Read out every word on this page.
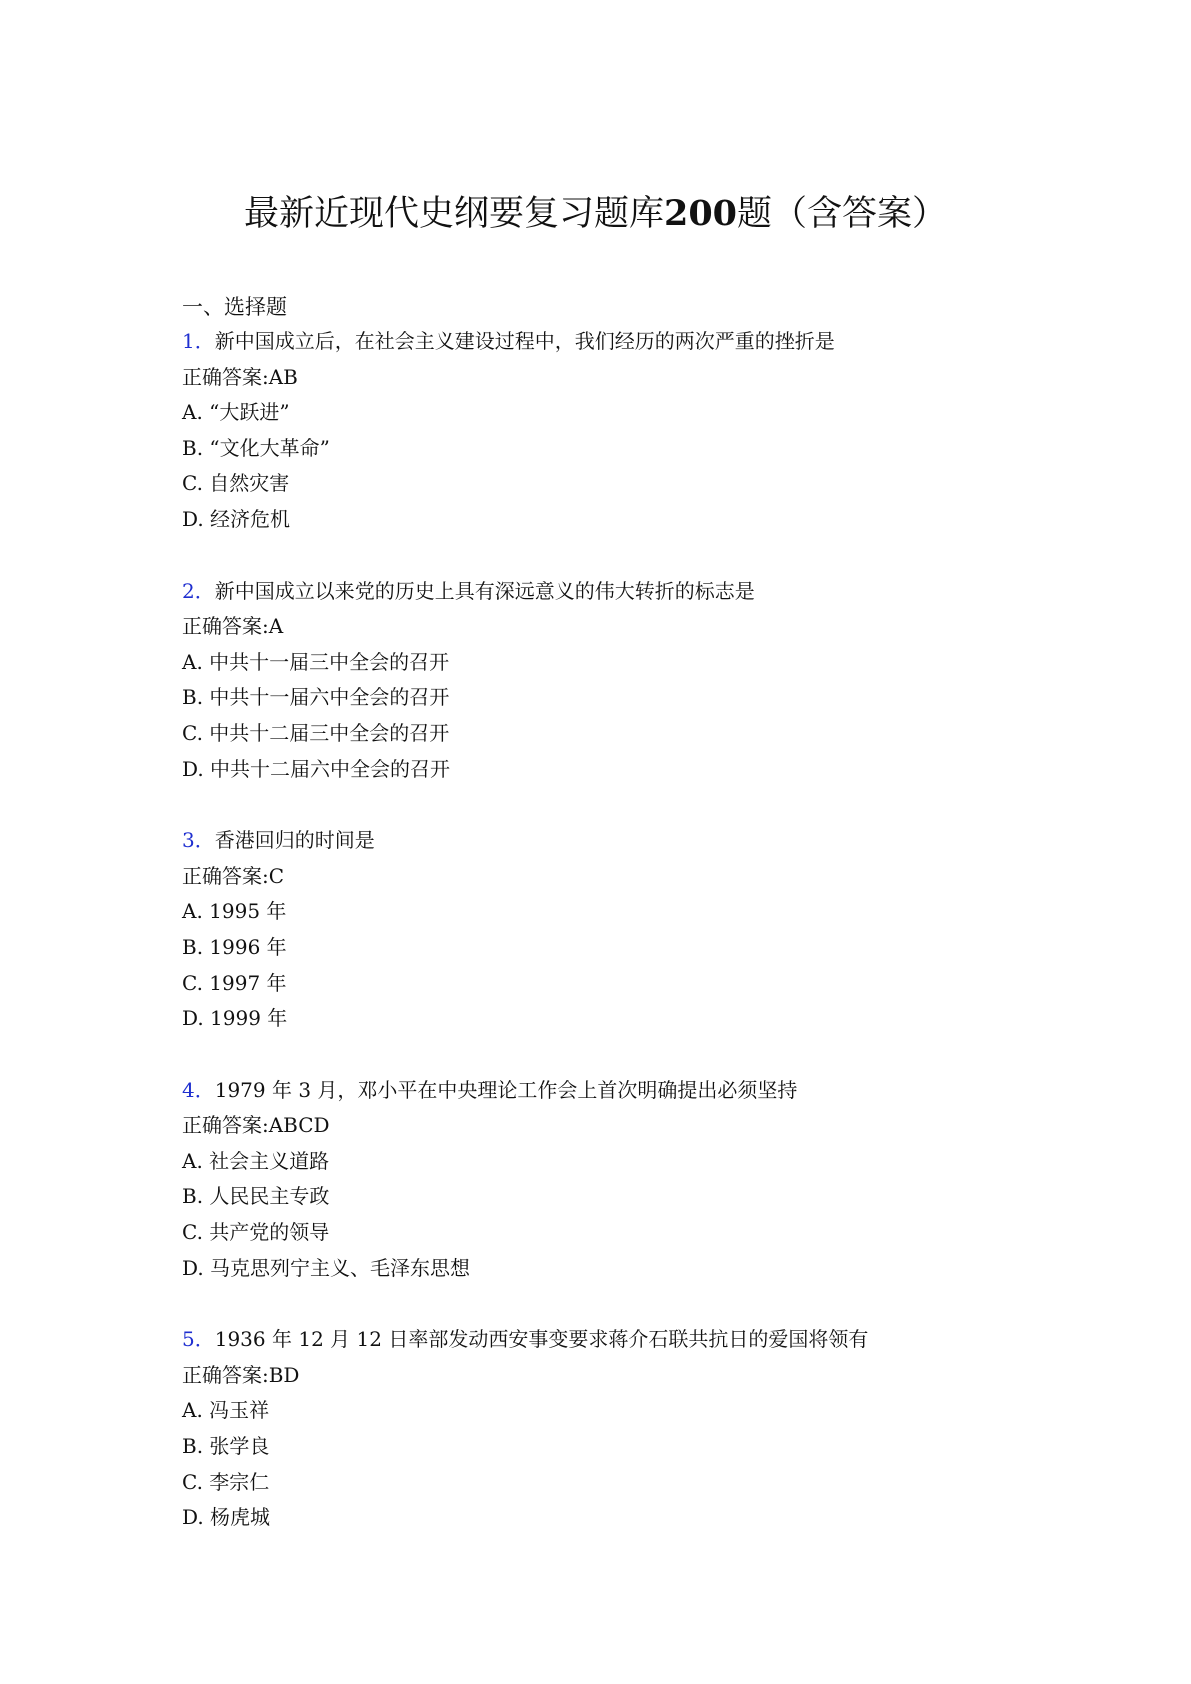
最新近现代史纲要复习题库200题（含答案）
一、选择题
1．新中国成立后，在社会主义建设过程中，我们经历的两次严重的挫折是
正确答案:AB
A. “大跃进”
B. “文化大革命”
C. 自然灾害
D. 经济危机
2．新中国成立以来党的历史上具有深远意义的伟大转折的标志是
正确答案:A
A. 中共十一届三中全会的召开
B. 中共十一届六中全会的召开
C. 中共十二届三中全会的召开
D. 中共十二届六中全会的召开
3．香港回归的时间是
正确答案:C
A. 1995 年
B. 1996 年
C. 1997 年
D. 1999 年
4．1979 年 3 月，邓小平在中央理论工作会上首次明确提出必须坚持
正确答案:ABCD
A. 社会主义道路
B. 人民民主专政
C. 共产党的领导
D. 马克思列宁主义、毛泽东思想
5．1936 年 12 月 12 日率部发动西安事变要求蒋介石联共抗日的爱国将领有
正确答案:BD
A. 冯玉祥
B. 张学良
C. 李宗仁
D. 杨虎城
